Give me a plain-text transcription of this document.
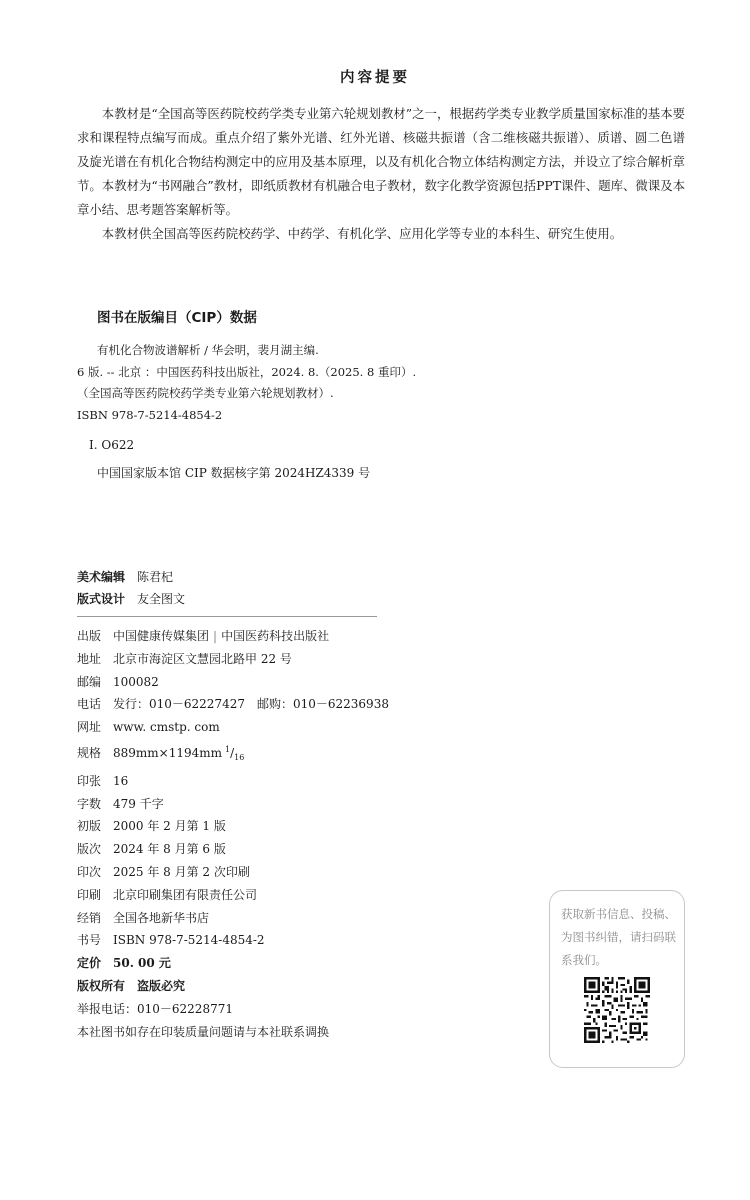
内容提要

本教材是“全国高等医药院校药学类专业第六轮规划教材”之一，根据药学类专业教学质量国家标准的基本要求和课程特点编写而成。重点介绍了紫外光谱、红外光谱、核磁共振谱（含二维核磁共振谱）、质谱、圆二色谱及旋光谱在有机化合物结构测定中的应用及基本原理，以及有机化合物立体结构测定方法，并设立了综合解析章节。本教材为“书网融合”教材，即纸质教材有机融合电子教材，数字化教学资源包括PPT课件、题库、微课及本章小结、思考题答案解析等。

本教材供全国高等医药院校药学、中药学、有机化学、应用化学等专业的本科生、研究生使用。

图书在版编目（CIP）数据
有机化合物波谱解析 / 华会明，裴月湖主编.
6 版. -- 北京 ：中国医药科技出版社，2024. 8.（2025. 8 重印）.
（全国高等医药院校药学类专业第六轮规划教材）.
ISBN 978-7-5214-4854-2
Ⅰ. O622
中国国家版本馆 CIP 数据核字第 2024HZ4339 号
美术编辑 陈君杞
版式设计 友全图文
出版 中国健康传媒集团 | 中国医药科技出版社
地址 北京市海淀区文慧园北路甲 22 号
邮编 100082
电话 发行：010－62227427　邮购：010－62236938
网址 www. cmstp. com
规格 889mm×1194mm $^1/_{16}$
印张 16
字数 479 千字
初版 2000 年 2 月第 1 版
版次 2024 年 8 月第 6 版
印次 2025 年 8 月第 2 次印刷
印刷 北京印刷集团有限责任公司
经销 全国各地新华书店
书号 ISBN 978-7-5214-4854-2
定价 50. 00 元
版权所有　盗版必究
举报电话：010－62228771
本社图书如存在印装质量问题请与本社联系调换
获取新书信息、投稿、为图书纠错，请扫码联系我们。
